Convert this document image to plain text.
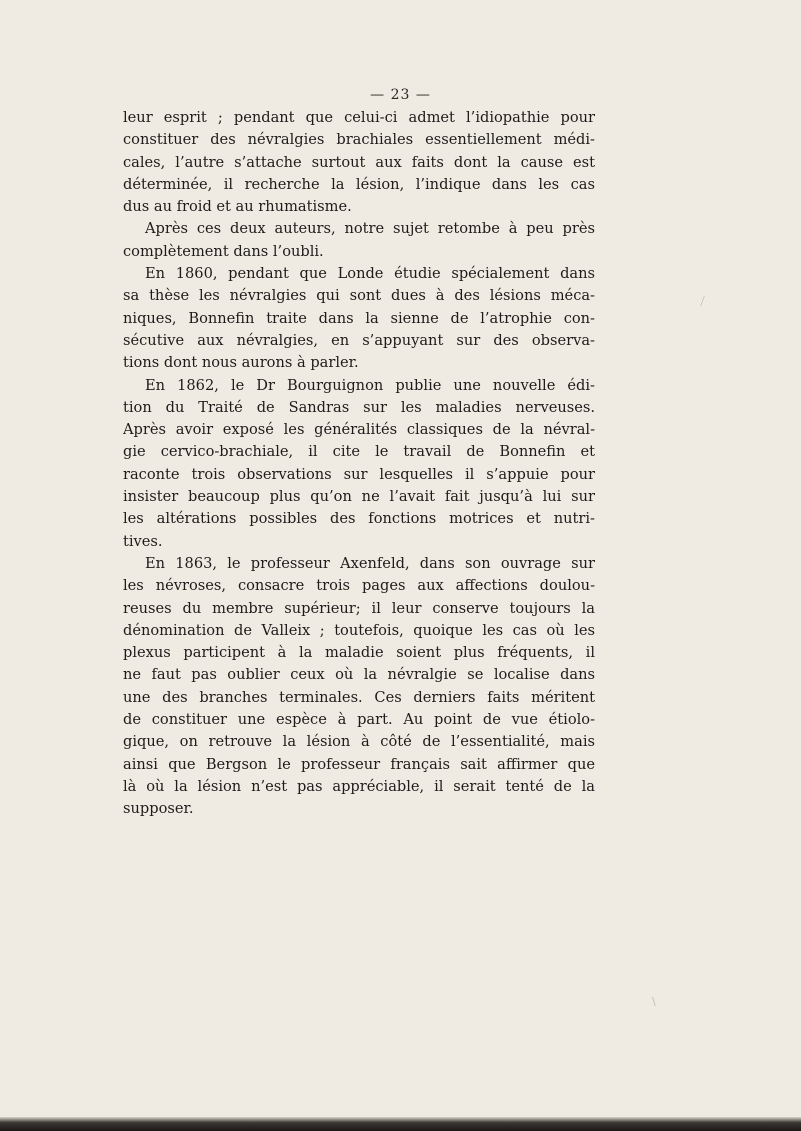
— 23 —
leur esprit ; pendant que celui-ci admet l’idiopathie pour
constituer des névralgies brachiales essentiellement médi-
cales, l’autre s’attache surtout aux faits dont la cause est
déterminée, il recherche la lésion, l’indique dans les cas
dus au froid et au rhumatisme.
Après ces deux auteurs, notre sujet retombe à peu près
complètement dans l’oubli.
En 1860, pendant que Londe étudie spécialement dans
sa thèse les névralgies qui sont dues à des lésions méca-
niques, Bonnefin traite dans la sienne de l’atrophie con-
sécutive aux névralgies, en s’appuyant sur des observa-
tions dont nous aurons à parler.
En 1862, le Dr Bourguignon publie une nouvelle édi-
tion du Traité de Sandras sur les maladies nerveuses.
Après avoir exposé les généralités classiques de la névral-
gie cervico-brachiale, il cite le travail de Bonnefin et
raconte trois observations sur lesquelles il s’appuie pour
insister beaucoup plus qu’on ne l’avait fait jusqu’à lui sur
les altérations possibles des fonctions motrices et nutri-
tives.
En 1863, le professeur Axenfeld, dans son ouvrage sur
les névroses, consacre trois pages aux affections doulou-
reuses du membre supérieur; il leur conserve toujours la
dénomination de Valleix ; toutefois, quoique les cas où les
plexus participent à la maladie soient plus fréquents, il
ne faut pas oublier ceux où la névralgie se localise dans
une des branches terminales. Ces derniers faits méritent
de constituer une espèce à part. Au point de vue étiolo-
gique, on retrouve la lésion à côté de l’essentialité, mais
ainsi que Bergson le professeur français sait affirmer que
là où la lésion n’est pas appréciable, il serait tenté de la
supposer.
⟋
/
